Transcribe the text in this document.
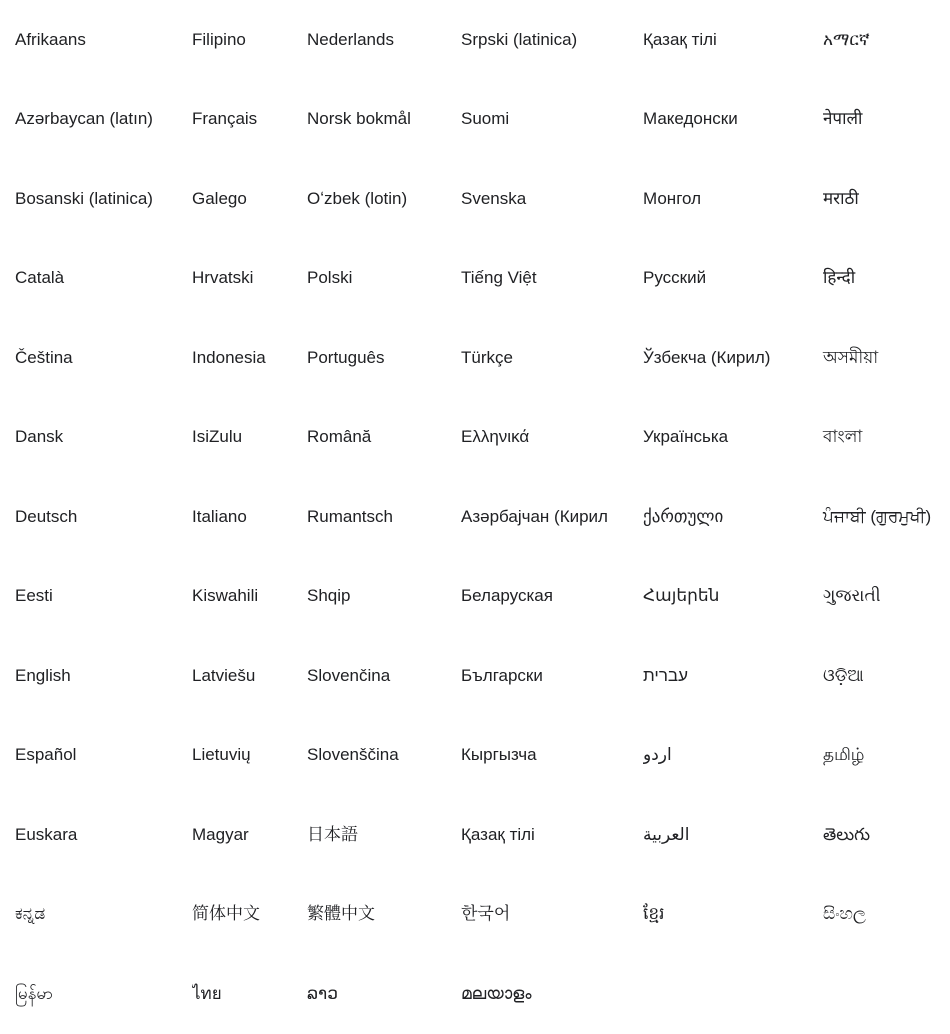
Afrikaans	Filipino	Nederlands	Srpski (latinica)	Қазақ тілі	አማርኛ
Azərbaycan (latın)	Français	Norsk bokmål	Suomi	Македонски	नेपाली
Bosanski (latinica)	Galego	Oʻzbek (lotin)	Svenska	Монгол	मराठी
Català	Hrvatski	Polski	Tiếng Việt	Русский	हिन्दी
Čeština	Indonesia	Português	Türkçe	Ўзбекча (Кирил)	অসমীয়া
Dansk	IsiZulu	Română	Ελληνικά	Українська	বাংলা
Deutsch	Italiano	Rumantsch	Азәрбајчан (Кирил	ქართული	ਪੰਜਾਬੀ (ਗੁਰਮੁਖੀ)
Eesti	Kiswahili	Shqip	Беларуская	Հայերեն	ગુજરાતી
English	Latviešu	Slovenčina	Български	עברית	ଓଡ଼ିଆ
Español	Lietuvių	Slovenščina	Кыргызча	اردو	தமிழ்
Euskara	Magyar	日本語	Қазақ тілі	العربية	తెలుగు
ಕನ್ನಡ	简体中文	繁體中文	한국어	ខ្មែរ	සිංහල
မြန်မာ	ไทย	ລາວ	മലയാളം
